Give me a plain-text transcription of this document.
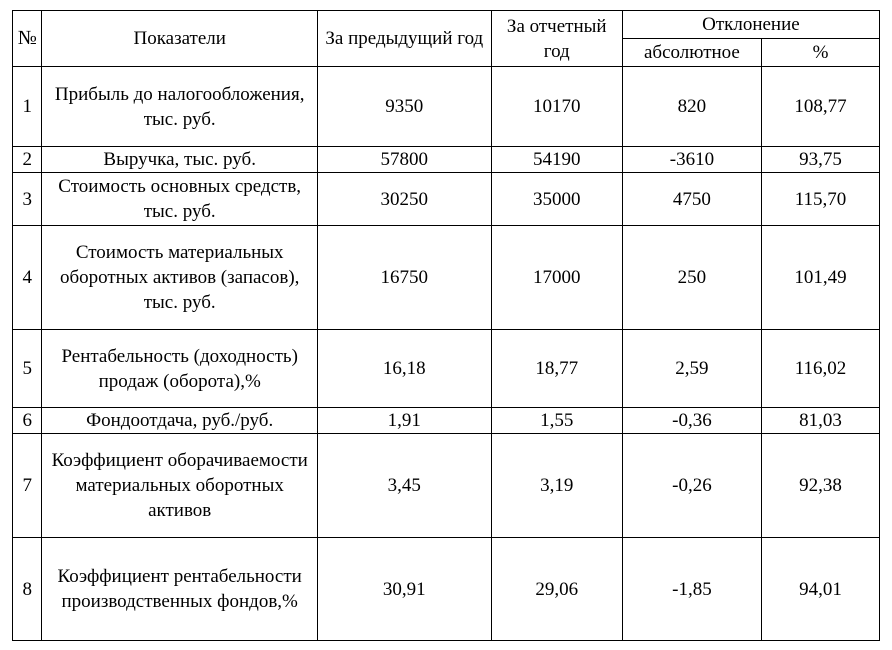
№	Показатели	За предыдущий год	За отчетный год	Отклонение	
				абсолютное	%
1	Прибыль до налогообложения, тыс. руб.	9350	10170	820	108,77
2	Выручка, тыс. руб.	57800	54190	-3610	93,75
3	Стоимость основных средств, тыс. руб.	30250	35000	4750	115,70
4	Стоимость материальных оборотных активов (запасов), тыс. руб.	16750	17000	250	101,49
5	Рентабельность (доходность) продаж (оборота),%	16,18	18,77	2,59	116,02
6	Фондоотдача, руб./руб.	1,91	1,55	-0,36	81,03
7	Коэффициент оборачиваемости материальных оборотных активов	3,45	3,19	-0,26	92,38
8	Коэффициент рентабельности производственных фондов,%	30,91	29,06	-1,85	94,01
